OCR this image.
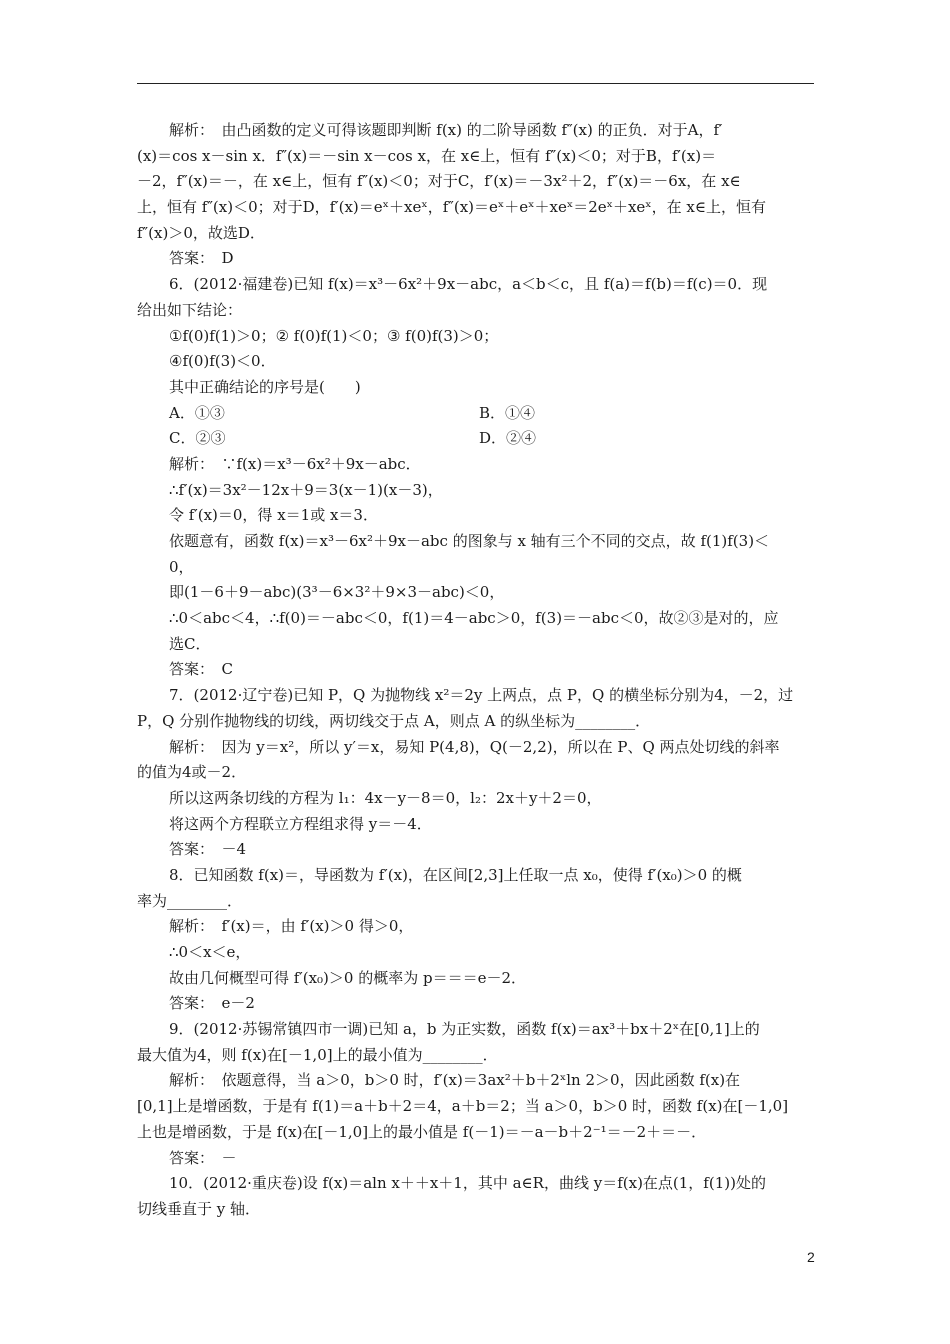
解析：　由凸函数的定义可得该题即判断 f(x) 的二阶导函数 f″(x) 的正负．对于A，f′
(x)＝cos x－sin x．f″(x)＝－sin x－cos x，在 x∈上，恒有 f″(x)＜0；对于B，f′(x)＝
－2，f″(x)＝－，在 x∈上，恒有 f″(x)＜0；对于C，f′(x)＝－3x²＋2，f″(x)＝－6x，在 x∈
上，恒有 f″(x)＜0；对于D，f′(x)＝eˣ＋xeˣ，f″(x)＝eˣ＋eˣ＋xeˣ＝2eˣ＋xeˣ，在 x∈上，恒有
f″(x)＞0，故选D．
答案：　D
6．(2012·福建卷)已知 f(x)＝x³－6x²＋9x－abc，a＜b＜c，且 f(a)＝f(b)＝f(c)＝0．现
给出如下结论：
①f(0)f(1)＞0；② f(0)f(1)＜0；③ f(0)f(3)＞0；
④f(0)f(3)＜0．
其中正确结论的序号是(　　)
A．①③	B．①④
C．②③	D．②④
解析：　∵f(x)＝x³－6x²＋9x－abc．
∴f′(x)＝3x²－12x＋9＝3(x－1)(x－3)，
令 f′(x)＝0，得 x＝1或 x＝3．
依题意有，函数 f(x)＝x³－6x²＋9x－abc 的图象与 x 轴有三个不同的交点，故 f(1)f(3)＜
0，
即(1－6＋9－abc)(3³－6×3²＋9×3－abc)＜0，
∴0＜abc＜4，∴f(0)＝－abc＜0，f(1)＝4－abc＞0，f(3)＝－abc＜0，故②③是对的，应
选C．
答案：　C
7．(2012·辽宁卷)已知 P，Q 为抛物线 x²＝2y 上两点，点 P，Q 的横坐标分别为4，－2，过
P，Q 分别作抛物线的切线，两切线交于点 A，则点 A 的纵坐标为________．
解析：　因为 y＝x²，所以 y′＝x，易知 P(4,8)，Q(－2,2)，所以在 P、Q 两点处切线的斜率
的值为4或－2．
所以这两条切线的方程为 l₁：4x－y－8＝0，l₂：2x＋y＋2＝0，
将这两个方程联立方程组求得 y＝－4．
答案：　－4
8．已知函数 f(x)＝，导函数为 f′(x)，在区间[2,3]上任取一点 x₀，使得 f′(x₀)＞0 的概
率为________．
解析：　f′(x)＝，由 f′(x)＞0 得＞0，
∴0＜x＜e，
故由几何概型可得 f′(x₀)＞0 的概率为 p＝＝＝e－2．
答案：　e－2
9．(2012·苏锡常镇四市一调)已知 a，b 为正实数，函数 f(x)＝ax³＋bx＋2ˣ在[0,1]上的
最大值为4，则 f(x)在[－1,0]上的最小值为________．
解析：　依题意得，当 a＞0，b＞0 时，f′(x)＝3ax²＋b＋2ˣln 2＞0，因此函数 f(x)在
[0,1]上是增函数，于是有 f(1)＝a＋b＋2＝4，a＋b＝2；当 a＞0，b＞0 时，函数 f(x)在[－1,0]
上也是增函数，于是 f(x)在[－1,0]上的最小值是 f(－1)＝－a－b＋2⁻¹＝－2＋＝－．
答案：　－
10．(2012·重庆卷)设 f(x)＝aln x＋＋x＋1，其中 a∈R，曲线 y＝f(x)在点(1，f(1))处的
切线垂直于 y 轴．
2
